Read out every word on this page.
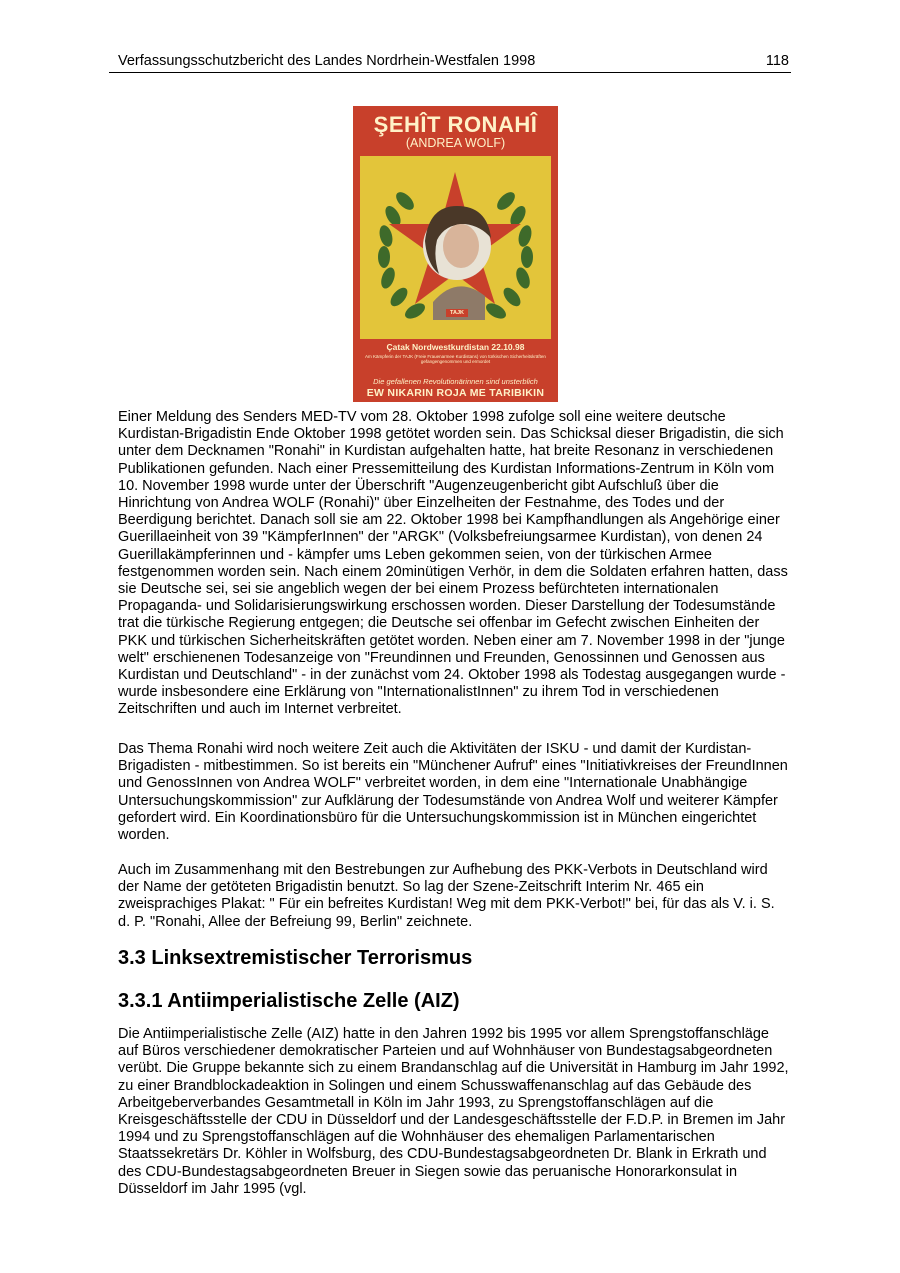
Verfassungsschutzbericht des Landes Nordrhein-Westfalen 1998	118
ŞEHÎT RONAHÎ
(ANDREA WOLF)
TAJK
Çatak Nordwestkurdistan 22.10.98
Am Kämpferin der TAJK (Freie Frauenarmee Kurdistans) von türkischen Sicherheitskräften gefangengenommen und ermordet
Die gefallenen Revolutionärinnen sind unsterblich
EW NIKARIN ROJA ME TARIBIKIN

Einer Meldung des Senders MED-TV vom 28. Oktober 1998 zufolge soll eine weitere deutsche Kurdistan-Brigadistin Ende Oktober 1998 getötet worden sein. Das Schicksal dieser Brigadistin, die sich unter dem Decknamen "Ronahi" in Kurdistan aufgehalten hatte, hat breite Resonanz in verschiedenen Publikationen gefunden. Nach einer Pressemitteilung des Kurdistan Informations-Zentrum in Köln vom 10. November 1998 wurde unter der Überschrift "Augenzeugenbericht gibt Aufschluß über die Hinrichtung von Andrea WOLF (Ronahi)" über Einzelheiten der Festnahme, des Todes und der Beerdigung berichtet. Danach soll sie am 22. Oktober 1998 bei Kampfhandlungen als Angehörige einer Guerillaeinheit von 39 "KämpferInnen" der "ARGK" (Volksbefreiungsarmee Kurdistan), von denen 24 Guerillakämpferinnen und - kämpfer ums Leben gekommen seien, von der türkischen Armee festgenommen worden sein. Nach einem 20minütigen Verhör, in dem die Soldaten erfahren hatten, dass sie Deutsche sei, sei sie angeblich wegen der bei einem Prozess befürchteten internationalen Propaganda- und Solidarisierungswirkung erschossen worden. Dieser Darstellung der Todesumstände trat die türkische Regierung entgegen; die Deutsche sei offenbar im Gefecht zwischen Einheiten der PKK und türkischen Sicherheitskräften getötet worden. Neben einer am 7. November 1998 in der "junge welt" erschienenen Todesanzeige von "Freundinnen und Freunden, Genossinnen und Genossen aus Kurdistan und Deutschland" - in der zunächst vom 24. Oktober 1998 als Todestag ausgegangen wurde - wurde insbesondere eine Erklärung von "InternationalistInnen" zu ihrem Tod in verschiedenen Zeitschriften und auch im Internet verbreitet.

Das Thema Ronahi wird noch weitere Zeit auch die Aktivitäten der ISKU - und damit der Kurdistan-Brigadisten - mitbestimmen. So ist bereits ein "Münchener Aufruf" eines "Initiativkreises der FreundInnen und GenossInnen von Andrea WOLF" verbreitet worden, in dem eine "Internationale Unabhängige Untersuchungskommission" zur Aufklärung der Todesumstände von Andrea Wolf und weiterer Kämpfer gefordert wird. Ein Koordinationsbüro für die Untersuchungskommission ist in München eingerichtet worden.

Auch im Zusammenhang mit den Bestrebungen zur Aufhebung des PKK-Verbots in Deutschland wird der Name der getöteten Brigadistin benutzt. So lag der Szene-Zeitschrift Interim Nr. 465 ein zweisprachiges Plakat: " Für ein befreites Kurdistan! Weg mit dem PKK-Verbot!" bei, für das als V. i. S. d. P. "Ronahi, Allee der Befreiung 99, Berlin" zeichnete.

3.3 Linksextremistischer Terrorismus
3.3.1 Antiimperialistische Zelle (AIZ)

Die Antiimperialistische Zelle (AIZ) hatte in den Jahren 1992 bis 1995 vor allem Sprengstoffanschläge auf Büros verschiedener demokratischer Parteien und auf Wohnhäuser von Bundestagsabgeordneten verübt. Die Gruppe bekannte sich zu einem Brandanschlag auf die Universität in Hamburg im Jahr 1992, zu einer Brandblockadeaktion in Solingen und einem Schusswaffenanschlag auf das Gebäude des Arbeitgeberverbandes Gesamtmetall in Köln im Jahr 1993, zu Sprengstoffanschlägen auf die Kreisgeschäftsstelle der CDU in Düsseldorf und der Landesgeschäftsstelle der F.D.P. in Bremen im Jahr 1994 und zu Sprengstoffanschlägen auf die Wohnhäuser des ehemaligen Parlamentarischen Staatssekretärs Dr. Köhler in Wolfsburg, des CDU-Bundestagsabgeordneten Dr. Blank in Erkrath und des CDU-Bundestagsabgeordneten Breuer in Siegen sowie das peruanische Honorarkonsulat in Düsseldorf im Jahr 1995 (vgl.
